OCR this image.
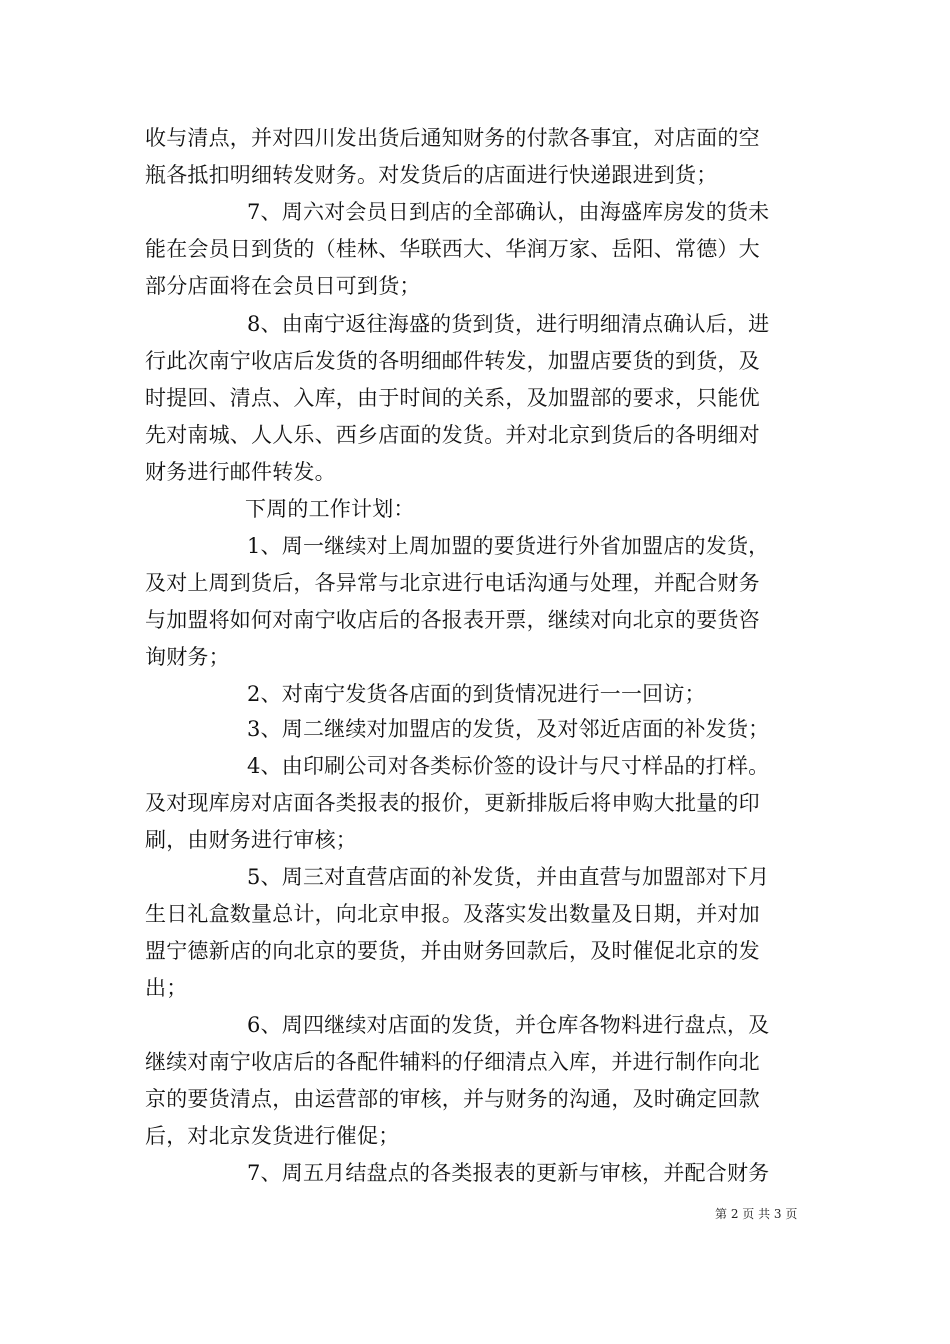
收与清点，并对四川发出货后通知财务的付款各事宜，对店面的空
瓶各抵扣明细转发财务。对发货后的店面进行快递跟进到货；
7、周六对会员日到店的全部确认，由海盛库房发的货未
能在会员日到货的（桂林、华联西大、华润万家、岳阳、常德）大
部分店面将在会员日可到货；
8、由南宁返往海盛的货到货，进行明细清点确认后，进
行此次南宁收店后发货的各明细邮件转发，加盟店要货的到货，及
时提回、清点、入库，由于时间的关系，及加盟部的要求，只能优
先对南城、人人乐、西乡店面的发货。并对北京到货后的各明细对
财务进行邮件转发。
下周的工作计划：
1、周一继续对上周加盟的要货进行外省加盟店的发货，
及对上周到货后，各异常与北京进行电话沟通与处理，并配合财务
与加盟将如何对南宁收店后的各报表开票，继续对向北京的要货咨
询财务；
2、对南宁发货各店面的到货情况进行一一回访；
3、周二继续对加盟店的发货，及对邻近店面的补发货；
4、由印刷公司对各类标价签的设计与尺寸样品的打样。
及对现库房对店面各类报表的报价，更新排版后将申购大批量的印
刷，由财务进行审核；
5、周三对直营店面的补发货，并由直营与加盟部对下月
生日礼盒数量总计，向北京申报。及落实发出数量及日期，并对加
盟宁德新店的向北京的要货，并由财务回款后，及时催促北京的发
出；
6、周四继续对店面的发货，并仓库各物料进行盘点，及
继续对南宁收店后的各配件辅料的仔细清点入库，并进行制作向北
京的要货清点，由运营部的审核，并与财务的沟通，及时确定回款
后，对北京发货进行催促；
7、周五月结盘点的各类报表的更新与审核，并配合财务
第 2 页 共 3 页
